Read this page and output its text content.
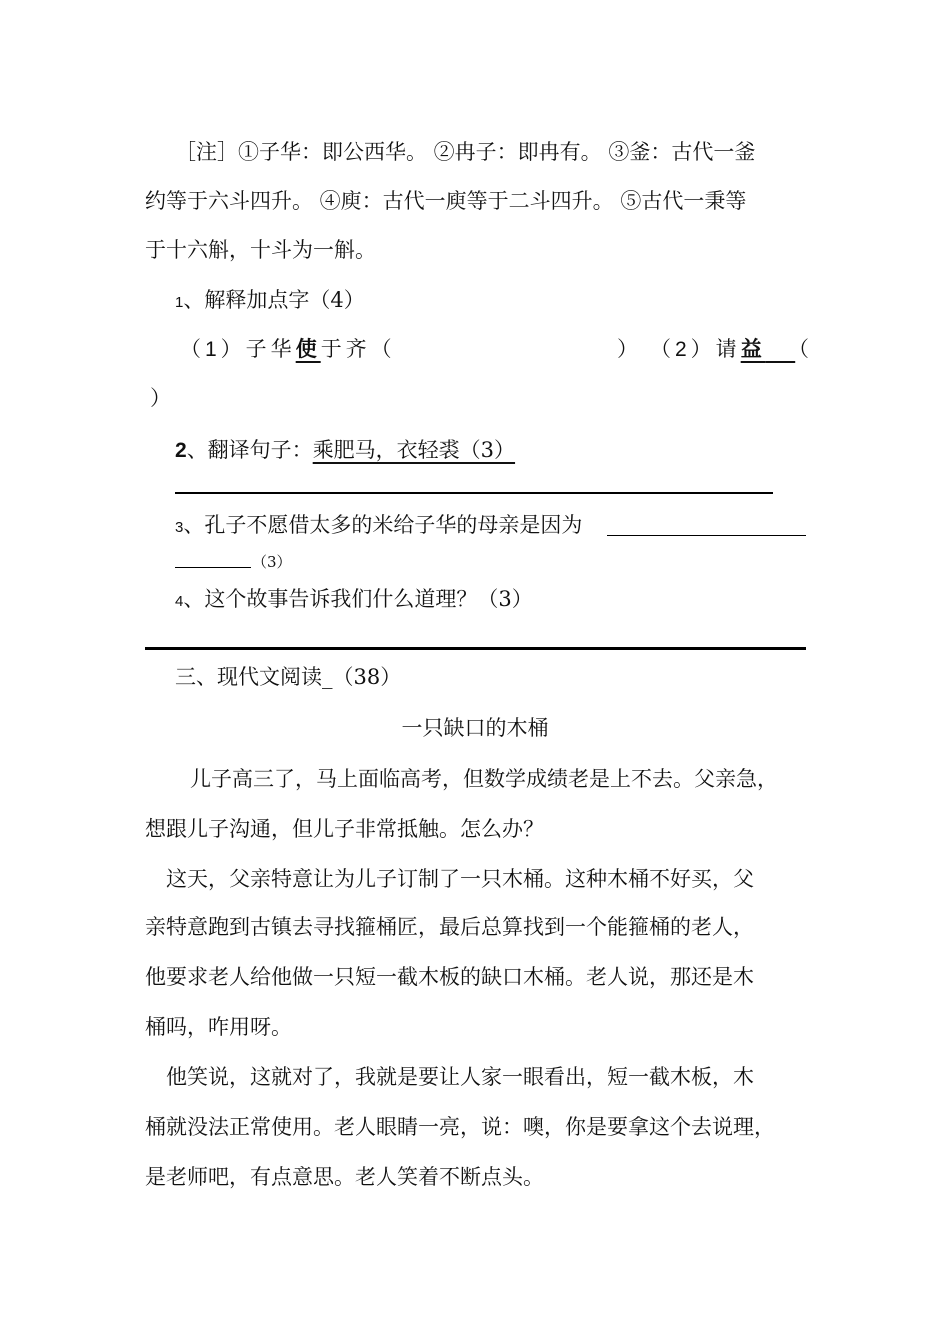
［注］①子华：即公西华。 ②冉子：即冉有。 ③釜：古代一釜
约等于六斗四升。 ④庾：古代一庾等于二斗四升。 ⑤古代一秉等
于十六斛，十斗为一斛。
1、解释加点字（4）
（1）子华使于齐（	） （2）请益	（
）
2、翻译句子：乘肥马，衣轻裘（3）
3、孔子不愿借太多的米给子华的母亲是因为
（3）
4、这个故事告诉我们什么道理？（3）
三、现代文阅读_（38）
一只缺口的木桶
儿子高三了，马上面临高考，但数学成绩老是上不去。父亲急，
想跟儿子沟通，但儿子非常抵触。怎么办？
这天，父亲特意让为儿子订制了一只木桶。这种木桶不好买，父
亲特意跑到古镇去寻找箍桶匠，最后总算找到一个能箍桶的老人，
他要求老人给他做一只短一截木板的缺口木桶。老人说，那还是木
桶吗，咋用呀。
他笑说，这就对了，我就是要让人家一眼看出，短一截木板，木
桶就没法正常使用。老人眼睛一亮，说：噢，你是要拿这个去说理，
是老师吧，有点意思。老人笑着不断点头。
